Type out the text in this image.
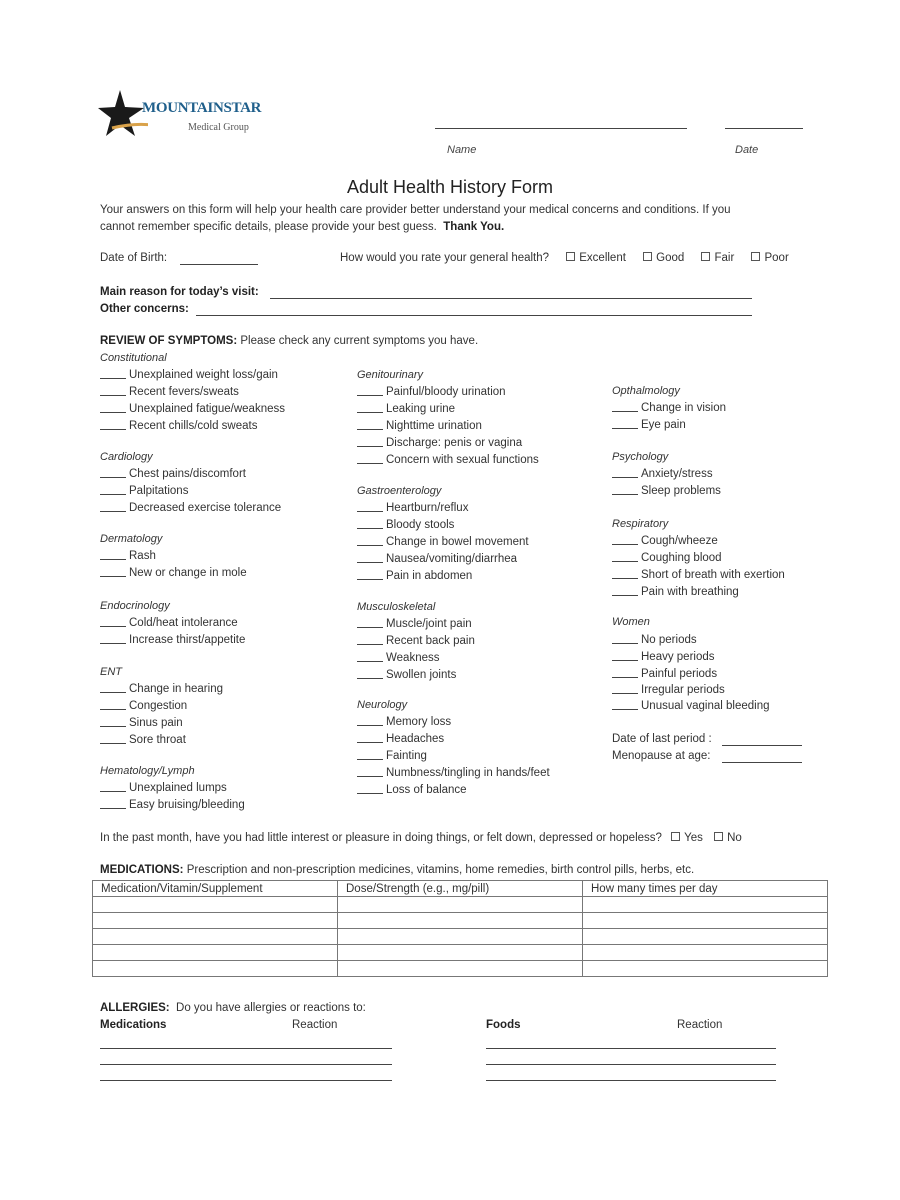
MOUNTAINSTAR
Medical Group
Name	Date
Adult Health History Form
Your answers on this form will help your health care provider better understand your medical concerns and conditions. If you
cannot remember specific details, please provide your best guess. Thank You.
Date of Birth:	How would you rate your general health?	Excellent	Good	Fair	Poor
Main reason for today’s visit:
Other concerns:
REVIEW OF SYMPTOMS: Please check any current symptoms you have.
Constitutional
Unexplained weight loss/gain
Recent fevers/sweats
Unexplained fatigue/weakness
Recent chills/cold sweats
Cardiology
Chest pains/discomfort
Palpitations
Decreased exercise tolerance
Dermatology
Rash
New or change in mole
Endocrinology
Cold/heat intolerance
Increase thirst/appetite
ENT
Change in hearing
Congestion
Sinus pain
Sore throat
Hematology/Lymph
Unexplained lumps
Easy bruising/bleeding
Genitourinary
Painful/bloody urination
Leaking urine
Nighttime urination
Discharge: penis or vagina
Concern with sexual functions
Gastroenterology
Heartburn/reflux
Bloody stools
Change in bowel movement
Nausea/vomiting/diarrhea
Pain in abdomen
Musculoskeletal
Muscle/joint pain
Recent back pain
Weakness
Swollen joints
Neurology
Memory loss
Headaches
Fainting
Numbness/tingling in hands/feet
Loss of balance
Opthalmology
Change in vision
Eye pain
Psychology
Anxiety/stress
Sleep problems
Respiratory
Cough/wheeze
Coughing blood
Short of breath with exertion
Pain with breathing
Women
No periods
Heavy periods
Painful periods
Irregular periods
Unusual vaginal bleeding
Date of last period :
Menopause at age:
In the past month, have you had little interest or pleasure in doing things, or felt down, depressed or hopeless? Yes No
MEDICATIONS: Prescription and non-prescription medicines, vitamins, home remedies, birth control pills, herbs, etc.
Medication/Vitamin/Supplement	Dose/Strength (e.g., mg/pill)	How many times per day

ALLERGIES: Do you have allergies or reactions to:
Medications	Reaction	Foods	Reaction
